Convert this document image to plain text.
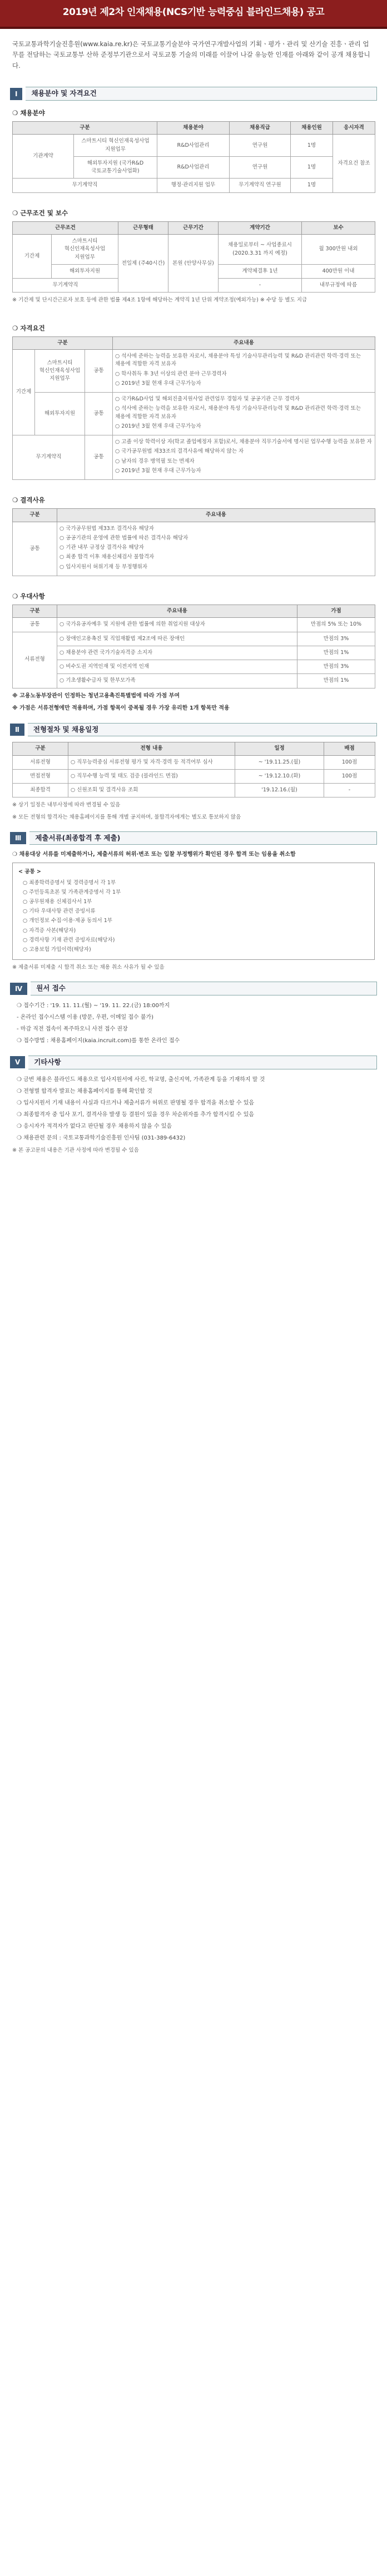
2019년 제2차 인재채용(NCS기반 능력중심 블라인드채용) 공고
국토교통과학기술진흥원(www.kaia.re.kr)은 국토교통기술분야 국가연구개발사업의 기획ㆍ평가ㆍ관리 및 산기술 진흥ㆍ관리 업무를 전담하는 국토교통부 산하 준정부기관으로서 국토교통 기술의 미래를 이끌어 나갈 유능한 인재를 아래와 같이 공개 채용합니다.
Ⅰ	채용분야 및 자격요건
❍ 채용분야
구분		채용분야	채용직급	채용인원	응시자격
기관계약	스마트시티 혁신인재육성사업 지원업무	R&D사업관리	연구원	1명	자격요건 참조
	해외투자지원 (국가R&D 국토교통기술사업화)	R&D사업관리	연구원	1명	
무기계약직		행정·관리지원 업무	무기계약직 연구원	1명	
❍ 근무조건 및 보수
근무조건		근무형태	근무기간	계약기간	보수
기간제	스마트시티 혁신인재육성사업 지원업무	전일제 (주40시간)	본원 (안양사무실)	채용일로부터 ~ 사업종료시 (2020.3.31 까지 예정)	월 300만원 내외
	해외투자지원			계약체결후 1년	400만원 이내
무기계약직				-	내부규정에 따름
※ 기간제 및 단시간근로자 보호 등에 관한 법률 제4조 1항에 해당하는 계약직 1년 단위 계약조정(예외가능) ※ 수당 등 별도 지급
❍ 자격요건
구분			주요내용
기간제	스마트시티 혁신인재육성사업 지원업무	공통	○ 석사에 준하는 능력을 보유한 자로서, 채용분야 특성 기술사무관리능력 및 R&D 관리관련 학력·경력 또는 채용에 적합한 자격 보유자
○ 학사취득 후 3년 이상의 관련 분야 근무경력자
○ 2019년 3월 현재 우대 근무가능자

	해외투자지원	공통	○ 국가R&D사업 및 해외진출지원사업 관련업무 경험자 및 공공기관 근무 경력자
○ 석사에 준하는 능력을 보유한 자로서, 채용분야 특성 기술사무관리능력 및 R&D 관리관련 학력·경력 또는 채용에 적합한 자격 보유자
○ 2019년 3월 현재 우대 근무가능자

무기계약직		공통	○ 고졸 이상 학력이상 자(학교 졸업예정자 포함)로서, 채용분야 직무기술서에 명시된 업무수행 능력을 보유한 자
○ 국가공무원법 제33조의 결격사유에 해당하지 않는 자
○ 남자의 경우 병역필 또는 면제자
○ 2019년 3월 현재 우대 근무가능자
❍ 결격사유
구분	주요내용
공통	○ 국가공무원법 제33조 결격사유 해당자
○ 공공기관의 운영에 관한 법률에 따른 결격사유 해당자
○ 기관 내부 규정상 결격사유 해당자
○ 최종 합격 이후 채용신체검사 불합격자
○ 입사지원서 허위기재 등 부정행위자
❍ 우대사항
구분	주요내용	가점
공통	○ 국가유공자예우 및 지원에 관한 법률에 의한 취업지원 대상자	만점의 5% 또는 10%
서류전형	○ 장애인고용촉진 및 직업재활법 제2조에 따른 장애인	만점의 3%
	○ 채용분야 관련 국가기술자격증 소지자	만점의 1%
	○ 비수도권 지역인재 및 이전지역 인재	만점의 3%
	○ 기초생활수급자 및 한부모가족	만점의 1%
※ 고용노동부장관이 인정하는 청년고용촉진특별법에 따라 가점 부여
※ 가점은 서류전형에만 적용하며, 가점 항목이 중복될 경우 가장 유리한 1개 항목만 적용
Ⅱ	전형절차 및 채용일정
구분	전형 내용	일정	배점
서류전형	○ 직무능력중심 서류전형 평가 및 자격·경력 등 적격여부 심사	~ '19.11.25.(월)	100점
면접전형	○ 직무수행 능력 및 태도 검증 (블라인드 면접)	~ '19.12.10.(화)	100점
최종합격	○ 신원조회 및 결격사유 조회	'19.12.16.(월)	-
※ 상기 일정은 내부사정에 따라 변경될 수 있음
※ 모든 전형의 합격자는 채용홈페이지를 통해 개별 공지하며, 불합격자에게는 별도로 통보하지 않음
Ⅲ	제출서류(최종합격 후 제출)
❍ 채용대상 서류를 미제출하거나, 제출서류의 허위·변조 또는 입찰 부정행위가 확인된 경우 합격 또는 임용을 취소함
< 공통 >
○ 최종학력증명서 및 경력증명서 각 1부
○ 주민등록초본 및 가족관계증명서 각 1부
○ 공무원채용 신체검사서 1부
○ 기타 우대사항 관련 증빙서류
○ 개인정보 수집·이용·제공 동의서 1부
○ 자격증 사본(해당자)
○ 경력사항 기재 관련 증빙자료(해당자)
○ 고용보험 가입이력(해당자)
※ 제출서류 미제출 시 합격 취소 또는 채용 취소 사유가 될 수 있음
Ⅳ	원서 접수
❍ 접수기간 : '19. 11. 11.(월) ~ '19. 11. 22.(금) 18:00까지
- 온라인 접수시스템 이용 (방문, 우편, 이메일 접수 불가)
- 마감 직전 접속이 폭주하오니 사전 접수 권장
❍ 접수방법 : 채용홈페이지(kaia.incruit.com)를 통한 온라인 접수
Ⅴ	기타사항
❍ 금번 채용은 블라인드 채용으로 입사지원서에 사진, 학교명, 출신지역, 가족관계 등을 기재하지 말 것
❍ 전형별 합격자 발표는 채용홈페이지를 통해 확인할 것
❍ 입사지원서 기재 내용이 사실과 다르거나 제출서류가 허위로 판명될 경우 합격을 취소할 수 있음
❍ 최종합격자 중 입사 포기, 결격사유 발생 등 결원이 있을 경우 차순위자를 추가 합격시킬 수 있음
❍ 응시자가 적격자가 없다고 판단될 경우 채용하지 않을 수 있음
❍ 채용관련 문의 : 국토교통과학기술진흥원 인사팀 (031-389-6432)
※ 본 공고문의 내용은 기관 사정에 따라 변경될 수 있음
